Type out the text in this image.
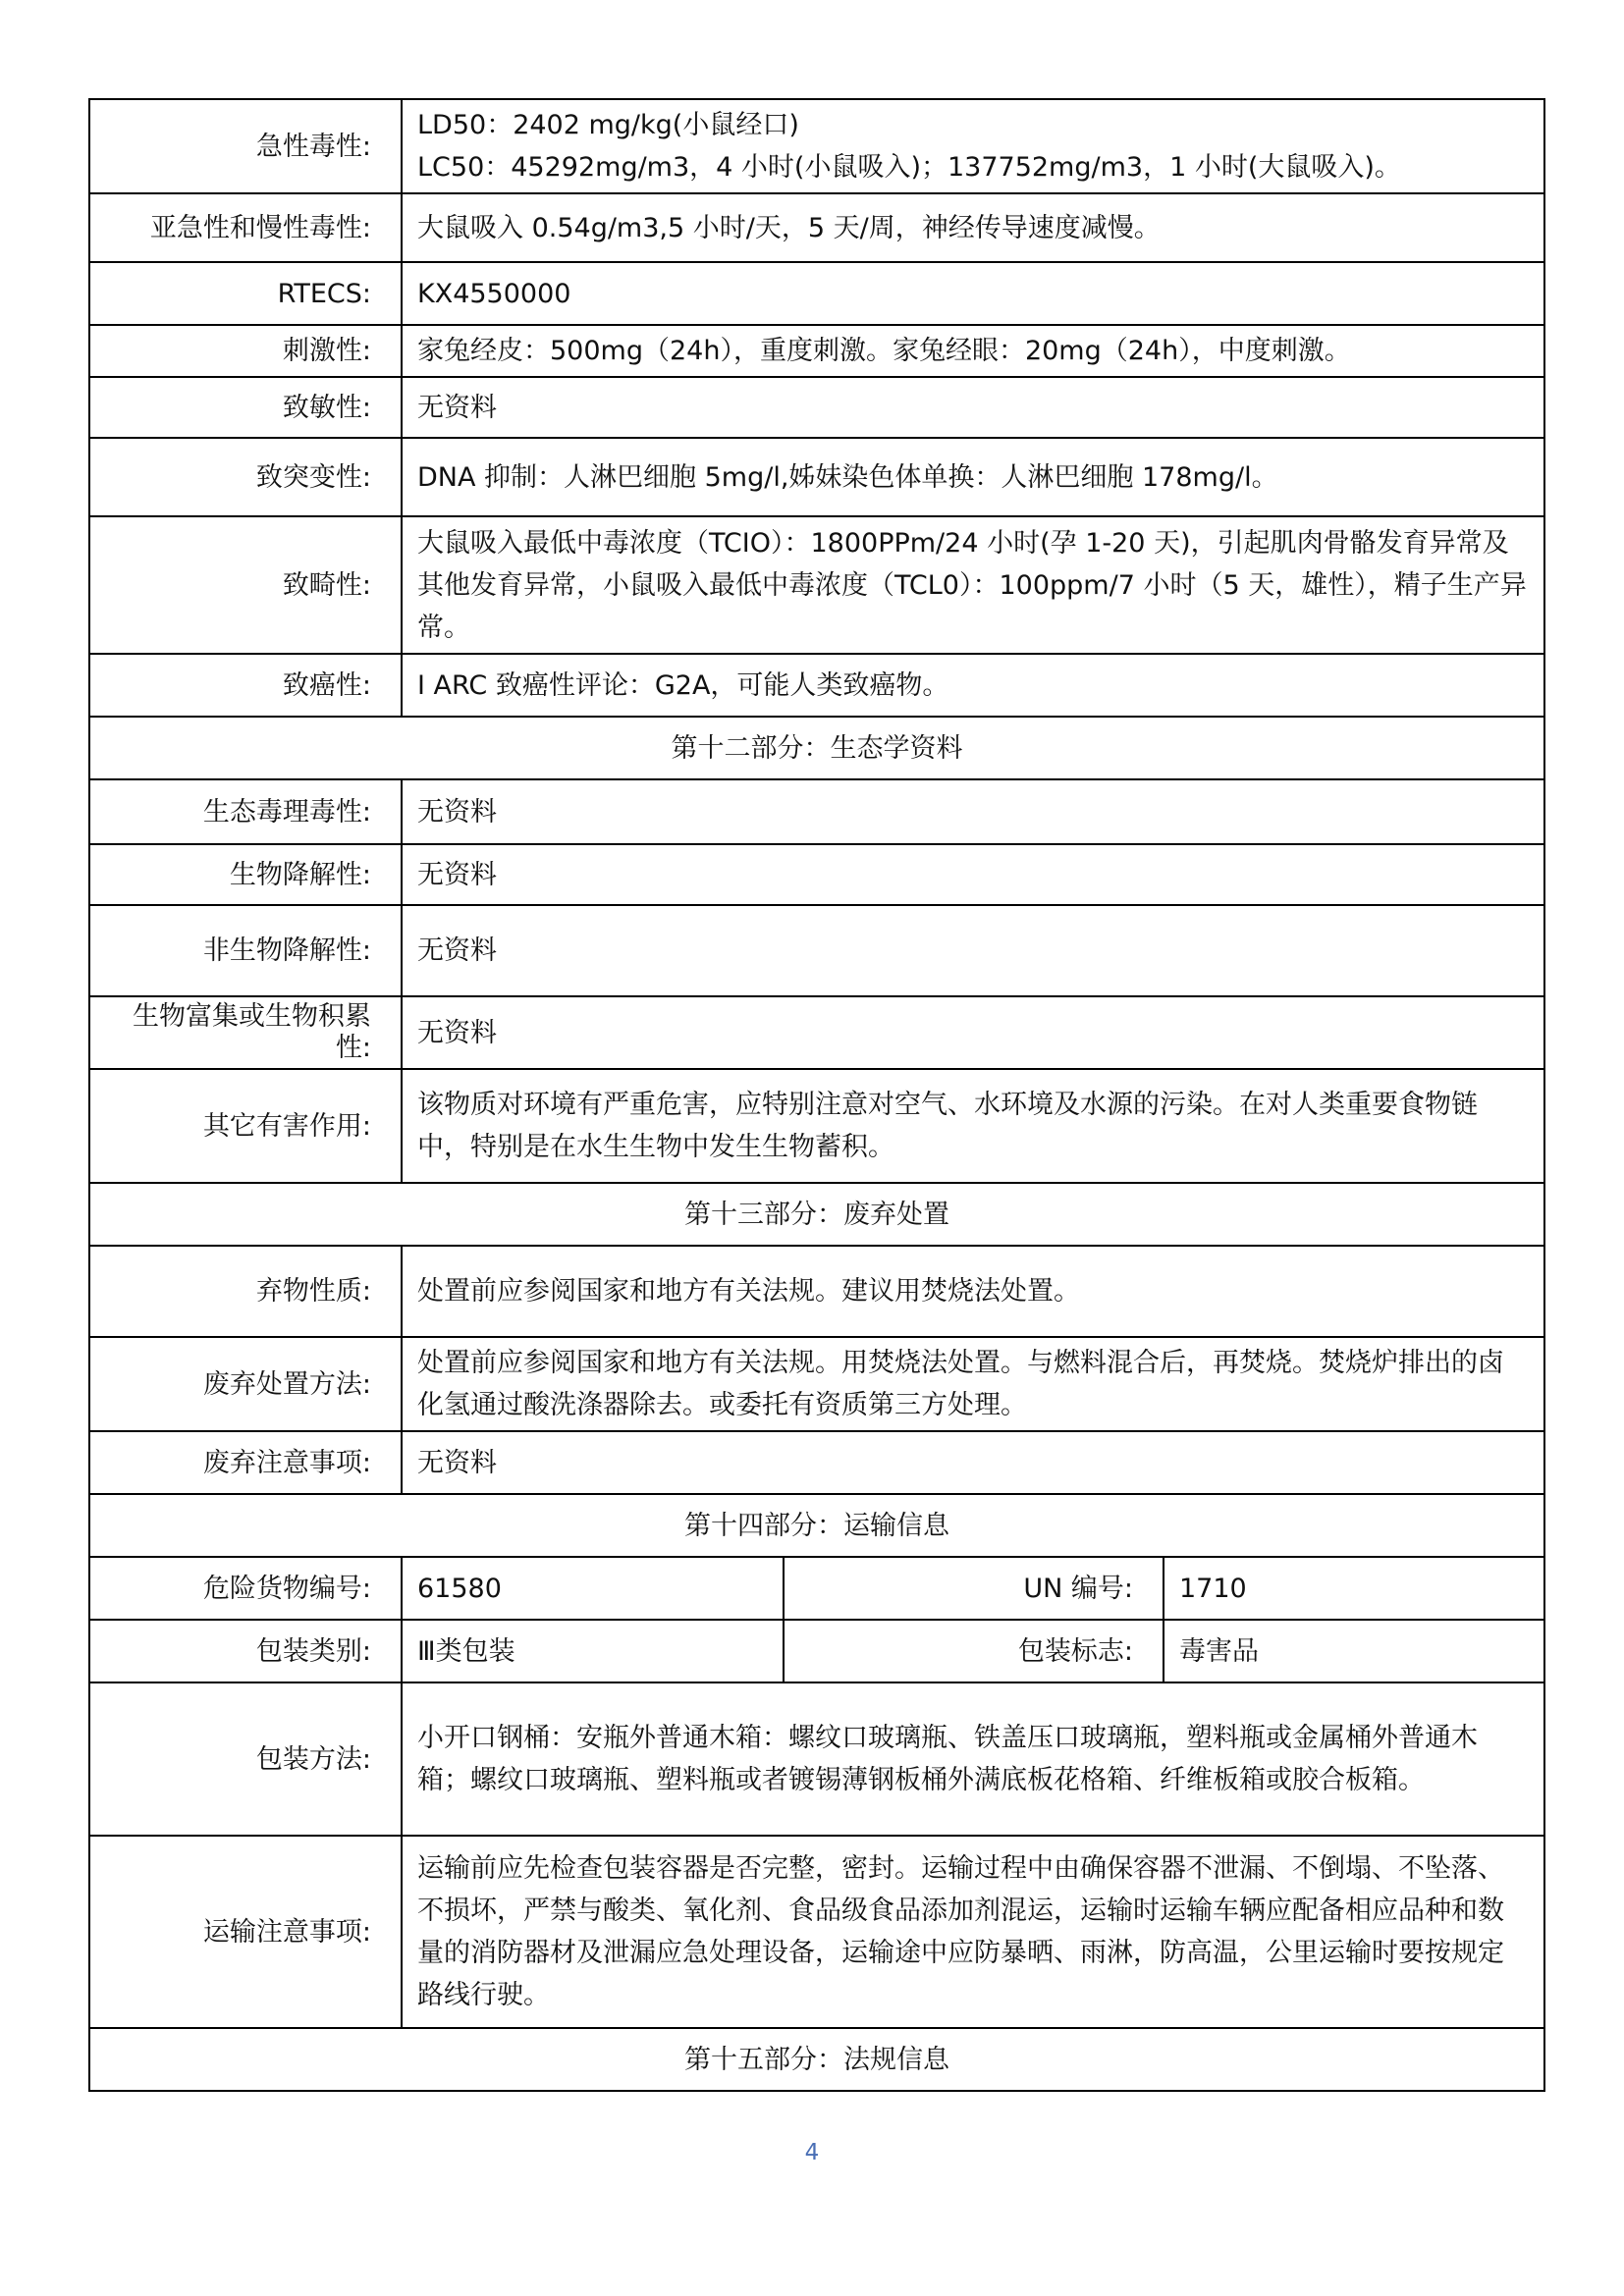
急性毒性:	LD50：2402 mg/kg(小鼠经口)
LC50：45292mg/m3，4 小时(小鼠吸入)；137752mg/m3，1 小时(大鼠吸入)。		
亚急性和慢性毒性:	大鼠吸入 0.54g/m3,5 小时/天，5 天/周，神经传导速度减慢。		
RTECS:	KX4550000		
刺激性:	家兔经皮：500mg（24h），重度刺激。家兔经眼：20mg（24h），中度刺激。		
致敏性:	无资料		
致突变性:	DNA 抑制：人淋巴细胞 5mg/l,姊妹染色体单换：人淋巴细胞 178mg/l。		
致畸性:	大鼠吸入最低中毒浓度（TCIO）：1800PPm/24 小时(孕 1-20 天)，引起肌肉骨骼发育异常及其他发育异常，小鼠吸入最低中毒浓度（TCL0）：100ppm/7 小时（5 天，雄性），精子生产异常。		
致癌性:	I ARC 致癌性评论：G2A，可能人类致癌物。		
第十二部分：生态学资料			
生态毒理毒性:	无资料		
生物降解性:	无资料		
非生物降解性:	无资料		
生物富集或生物积累性:	无资料		
其它有害作用:	该物质对环境有严重危害，应特别注意对空气、水环境及水源的污染。在对人类重要食物链中，特别是在水生生物中发生生物蓄积。		
第十三部分：废弃处置			
弃物性质:	处置前应参阅国家和地方有关法规。建议用焚烧法处置。		
废弃处置方法:	处置前应参阅国家和地方有关法规。用焚烧法处置。与燃料混合后，再焚烧。焚烧炉排出的卤化氢通过酸洗涤器除去。或委托有资质第三方处理。		
废弃注意事项:	无资料		
第十四部分：运输信息			
危险货物编号:	61580	UN 编号:	1710
包装类别:	Ⅲ类包装	包装标志:	毒害品
包装方法:	小开口钢桶：安瓶外普通木箱：螺纹口玻璃瓶、铁盖压口玻璃瓶，塑料瓶或金属桶外普通木箱；螺纹口玻璃瓶、塑料瓶或者镀锡薄钢板桶外满底板花格箱、纤维板箱或胶合板箱。		
运输注意事项:	运输前应先检查包装容器是否完整，密封。运输过程中由确保容器不泄漏、不倒塌、不坠落、不损坏，严禁与酸类、氧化剂、食品级食品添加剂混运，运输时运输车辆应配备相应品种和数量的消防器材及泄漏应急处理设备，运输途中应防暴晒、雨淋，防高温，公里运输时要按规定路线行驶。		
第十五部分：法规信息			
4
